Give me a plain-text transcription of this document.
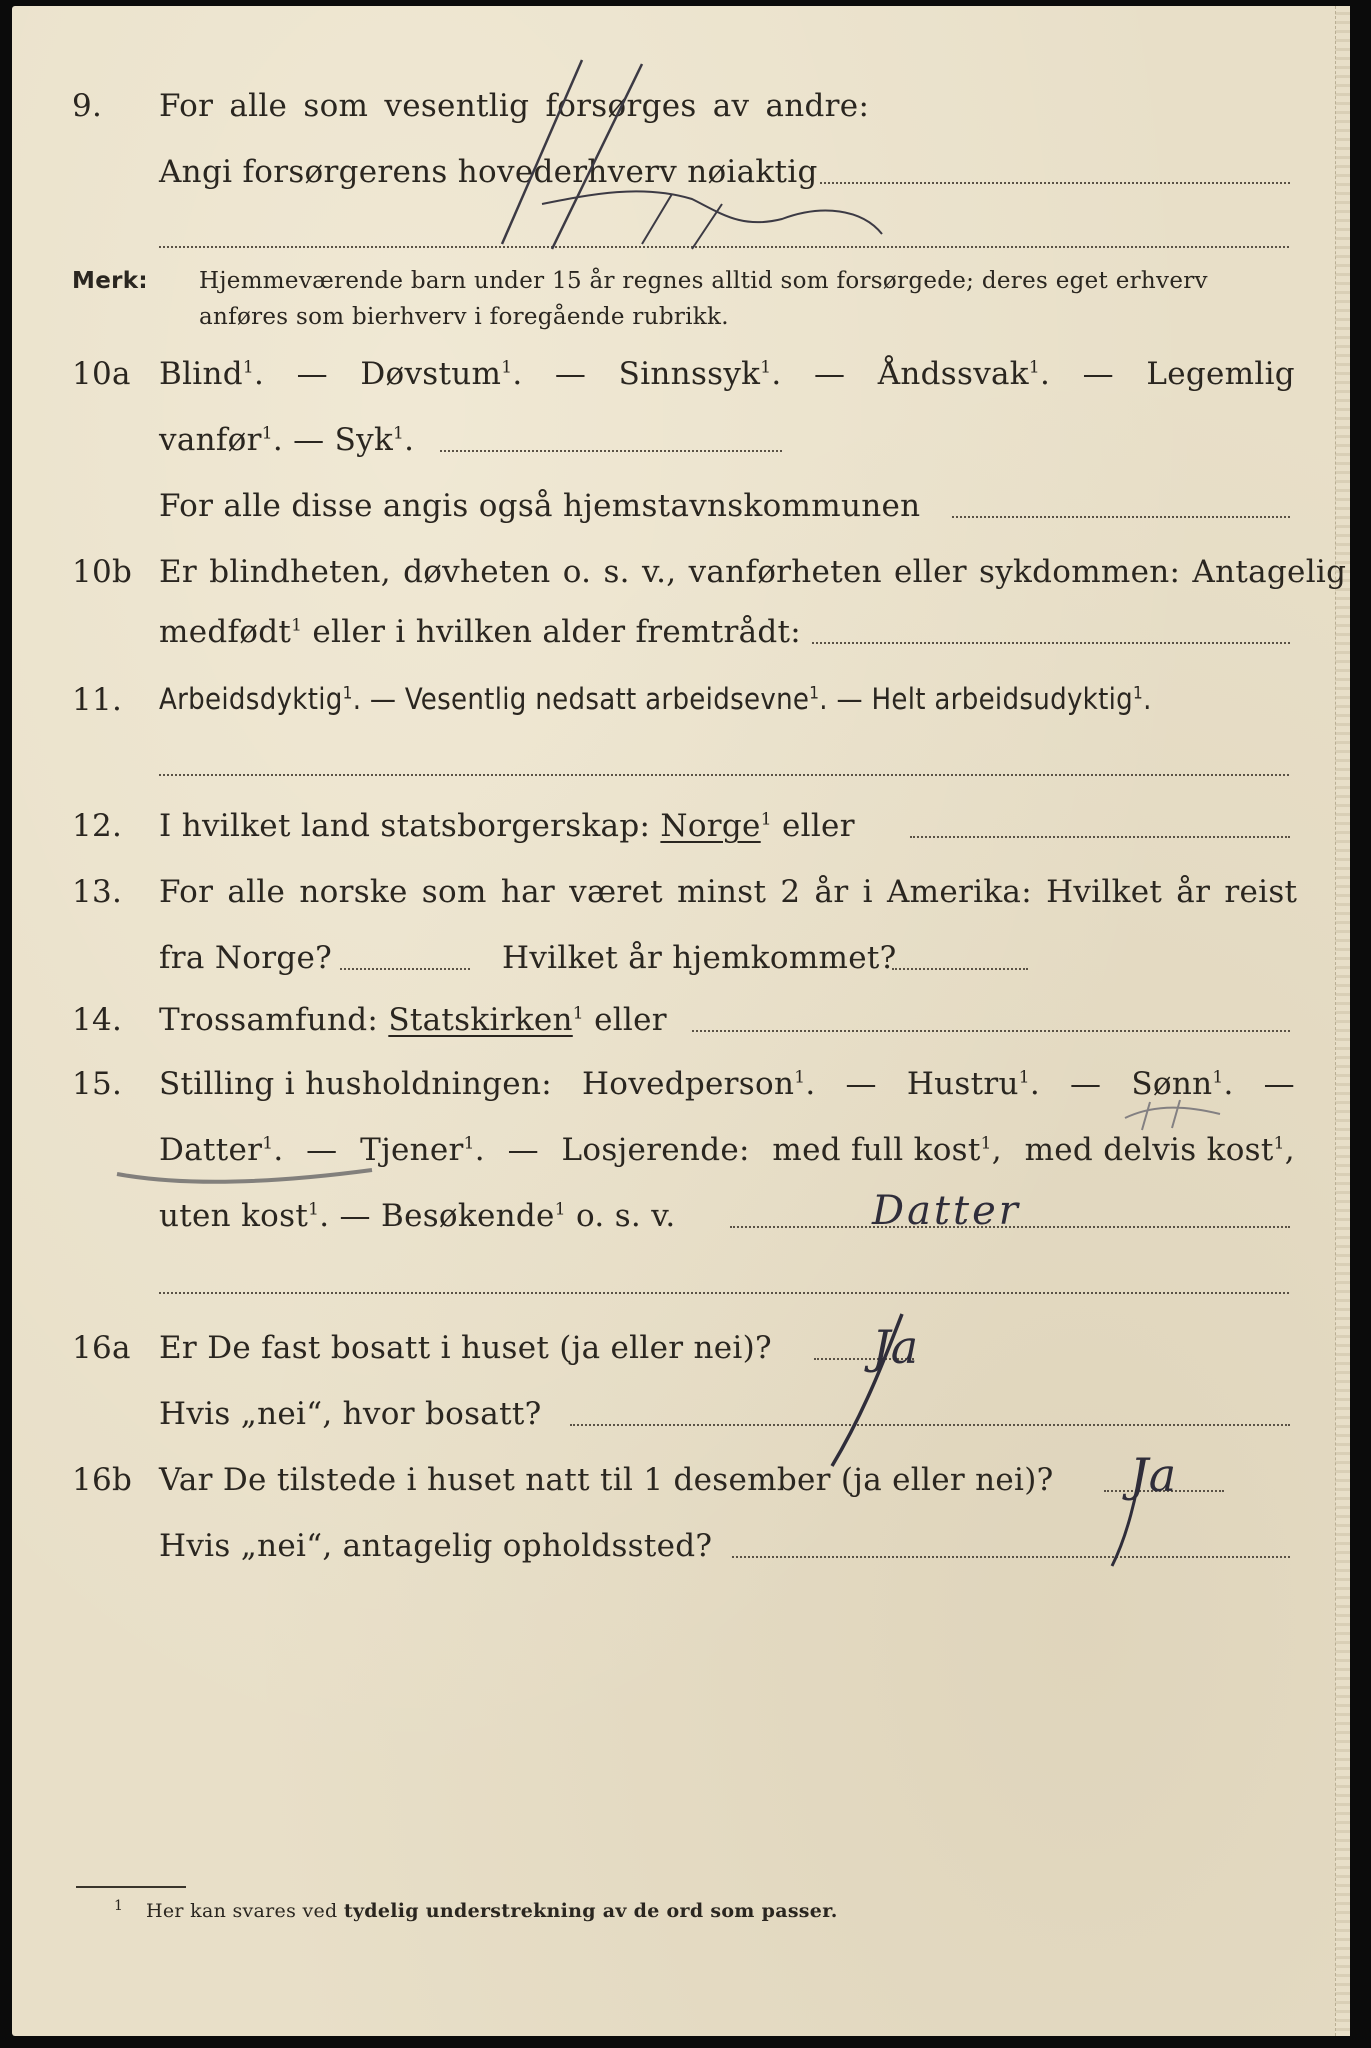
9. For alle som vesentlig forsørges av andre:
Angi forsørgerens hovederhverv nøiaktig
Merk: Hjemmeværende barn under 15 år regnes alltid som forsørgede; deres eget erhverv
anføres som bierhverv i foregående rubrikk.
10a Blind$^1$. — Døvstum$^1$. — Sinnssyk$^1$. — Åndssvak$^1$. — Legemlig
vanfør$^1$. — Syk$^1$.
For alle disse angis også hjemstavnskommunen
10b Er blindheten, døvheten o. s. v., vanførheten eller sykdommen: Antagelig
medfødt$^1$ eller i hvilken alder fremtrådt:
11. Arbeidsdyktig$^1$. — Vesentlig nedsatt arbeidsevne$^1$. — Helt arbeidsudyktig$^1$.
12. I hvilket land statsborgerskap: Norge$^1$ eller
13. For alle norske som har været minst 2 år i Amerika: Hvilket år reist
fra Norge?	Hvilket år hjemkommet?
14. Trossamfund: Statskirken$^1$ eller
15. Stilling i husholdningen: Hovedperson$^1$. — Hustru$^1$. — Sønn$^1$. —
Datter$^1$. — Tjener$^1$. — Losjerende: med full kost$^1$, med delvis kost$^1$,
uten kost$^1$. — Besøkende$^1$ o. s. v.	Datter
16a Er De fast bosatt i huset (ja eller nei)? Ja
Hvis „nei“, hvor bosatt?
16b Var De tilstede i huset natt til 1 desember (ja eller nei)? Ja
Hvis „nei“, antagelig opholdssted?
1 Her kan svares ved tydelig understrekning av de ord som passer.
